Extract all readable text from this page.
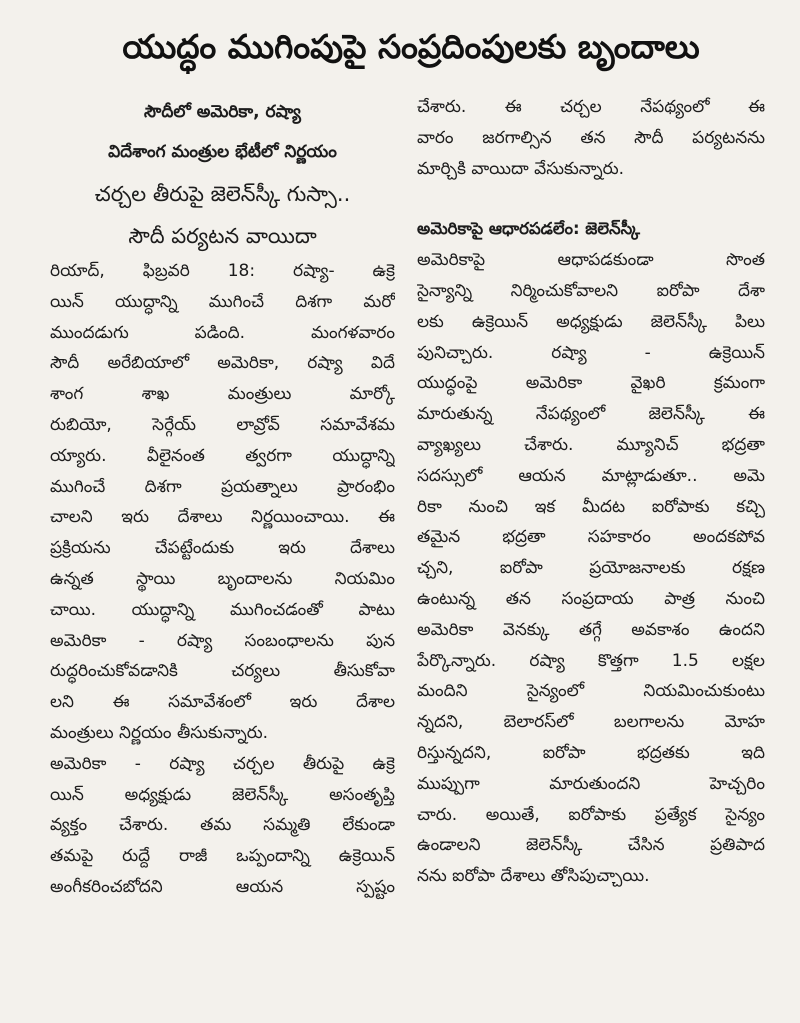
యుద్ధం ముగింపుపై సంప్రదింపులకు బృందాలు
సౌదీలో అమెరికా, రష్యా
విదేశాంగ మంత్రుల భేటీలో నిర్ణయం
చర్చల తీరుపై జెలెన్‌స్కీ గుస్సా..
సౌదీ పర్యటన వాయిదా
రియాద్‌, ఫిబ్రవరి 18: రష్యా- ఉక్రె
యిన్‌ యుద్ధాన్ని ముగించే దిశగా మరో
ముందడుగు పడింది. మంగళవారం
సౌదీ అరేబియాలో అమెరికా, రష్యా విదే
శాంగ శాఖ మంత్రులు మార్కో
రుబియో, సెర్గేయ్‌ లావ్రోవ్‌ సమావేశమ
య్యారు. వీలైనంత త్వరగా యుద్ధాన్ని
ముగించే దిశగా ప్రయత్నాలు ప్రారంభిం
చాలని ఇరు దేశాలు నిర్ణయించాయి. ఈ
ప్రక్రియను చేపట్టేందుకు ఇరు దేశాలు
ఉన్నత స్థాయి బృందాలను నియమిం
చాయి. యుద్ధాన్ని ముగించడంతో పాటు
అమెరికా - రష్యా సంబంధాలను పున
రుద్ధరించుకోవడానికి చర్యలు తీసుకోవా
లని ఈ సమావేశంలో ఇరు దేశాల
మంత్రులు నిర్ణయం తీసుకున్నారు.
అమెరికా - రష్యా చర్చల తీరుపై ఉక్రె
యిన్‌ అధ్యక్షుడు జెలెన్‌స్కీ అసంతృప్తి
వ్యక్తం చేశారు. తమ సమ్మతి లేకుండా
తమపై రుద్దే రాజీ ఒప్పందాన్ని ఉక్రెయిన్‌
అంగీకరించబోదని ఆయన స్పష్టం
చేశారు. ఈ చర్చల నేపథ్యంలో ఈ
వారం జరగాల్సిన తన సౌదీ పర్యటనను
మార్చికి వాయిదా వేసుకున్నారు.
అమెరికాపై ఆధారపడలేం: జెలెన్‌స్కీ
అమెరికాపై ఆధాపడకుండా సొంత
సైన్యాన్ని నిర్మించుకోవాలని ఐరోపా దేశా
లకు ఉక్రెయిన్‌ అధ్యక్షుడు జెలెన్‌స్కీ పిలు
పునిచ్చారు. రష్యా - ఉక్రెయిన్‌
యుద్ధంపై అమెరికా వైఖరి క్రమంగా
మారుతున్న నేపథ్యంలో జెలెన్‌స్కీ ఈ
వ్యాఖ్యలు చేశారు. మ్యూనిచ్‌ భద్రతా
సదస్సులో ఆయన మాట్లాడుతూ.. అమె
రికా నుంచి ఇక మీదట ఐరోపాకు కచ్చి
తమైన భద్రతా సహకారం అందకపోవ
చ్చని, ఐరోపా ప్రయోజనాలకు రక్షణ
ఉంటున్న తన సంప్రదాయ పాత్ర నుంచి
అమెరికా వెనక్కు తగ్గే అవకాశం ఉందని
పేర్కొన్నారు. రష్యా కొత్తగా 1.5 లక్షల
మందిని సైన్యంలో నియమించుకుంటు
న్నదని, బెలారస్‌లో బలగాలను మోహ
రిస్తున్నదని, ఐరోపా భద్రతకు ఇది
ముప్పుగా మారుతుందని హెచ్చరిం
చారు. అయితే, ఐరోపాకు ప్రత్యేక సైన్యం
ఉండాలని జెలెన్‌స్కీ చేసిన ప్రతిపాద
నను ఐరోపా దేశాలు తోసిపుచ్చాయి.
